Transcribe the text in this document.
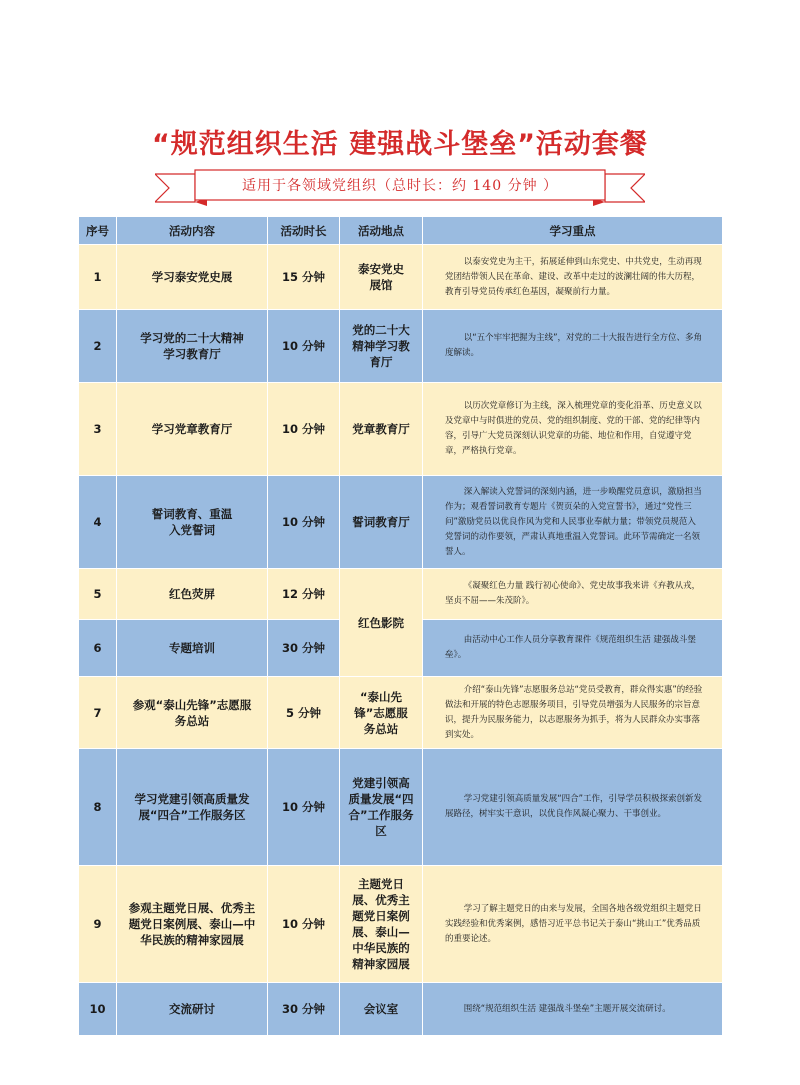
“规范组织生活 建强战斗堡垒”活动套餐
适用于各领域党组织（总时长：约 140 分钟 ）
序号	活动内容	活动时长	活动地点	学习重点
1	学习泰安党史展	15 分钟	泰安党史展馆	以泰安党史为主干，拓展延伸到山东党史、中共党史，生动再现党团结带领人民在革命、建设、改革中走过的波澜壮阔的伟大历程，教育引导党员传承红色基因，凝聚前行力量。
2	学习党的二十大精神学习教育厅	10 分钟	党的二十大精神学习教育厅	以“五个牢牢把握为主线”，对党的二十大报告进行全方位、多角度解读。
3	学习党章教育厅	10 分钟	党章教育厅	以历次党章修订为主线，深入梳理党章的变化沿革、历史意义以及党章中与时俱进的党员、党的组织制度、党的干部、党的纪律等内容，引导广大党员深刻认识党章的功能、地位和作用，自觉遵守党章，严格执行党章。
4	誓词教育、重温入党誓词	10 分钟	誓词教育厅	深入解读入党誓词的深刻内涵，进一步唤醒党员意识，激励担当作为；观看誓词教育专题片《贺页朵的入党宣誓书》，通过“党性三问”激励党员以优良作风为党和人民事业奉献力量；带领党员规范入党誓词的动作要领，严肃认真地重温入党誓词。此环节需确定一名领誓人。
5	红色荧屏	12 分钟	红色影院	《凝聚红色力量 践行初心使命》、党史故事我来讲《弃教从戎，坚贞不屈——朱茂阶》。
6	专题培训	30 分钟		由活动中心工作人员分享教育课件《规范组织生活 建强战斗堡垒》。
7	参观“泰山先锋”志愿服务总站	5 分钟	“泰山先锋”志愿服务总站	介绍“泰山先锋”志愿服务总站“党员受教育，群众得实惠”的经验做法和开展的特色志愿服务项目，引导党员增强为人民服务的宗旨意识，提升为民服务能力，以志愿服务为抓手，将为人民群众办实事落到实处。
8	学习党建引领高质量发展“四合”工作服务区	10 分钟	党建引领高质量发展“四合”工作服务区	学习党建引领高质量发展“四合”工作，引导学员积极探索创新发展路径，树牢实干意识，以优良作风凝心聚力、干事创业。
9	参观主题党日展、优秀主题党日案例展、泰山—中华民族的精神家园展	10 分钟	主题党日展、优秀主题党日案例展、泰山—中华民族的精神家园展	学习了解主题党日的由来与发展，全国各地各级党组织主题党日实践经验和优秀案例，感悟习近平总书记关于泰山“挑山工”优秀品质的重要论述。
10	交流研讨	30 分钟	会议室	围绕“规范组织生活 建强战斗堡垒”主题开展交流研讨。
